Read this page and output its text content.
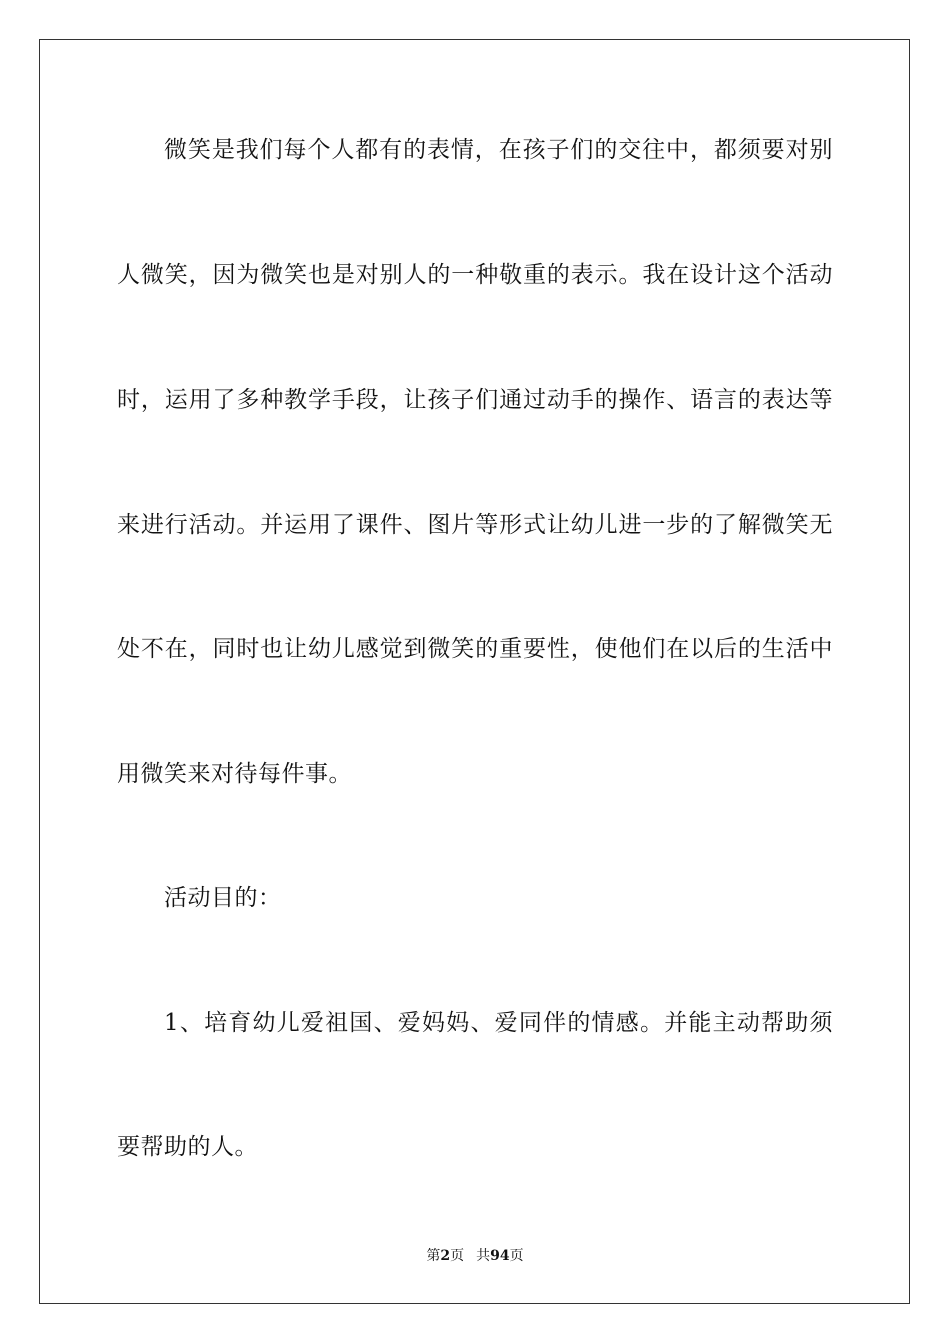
微笑是我们每个人都有的表情，在孩子们的交往中，都须要对别
人微笑，因为微笑也是对别人的一种敬重的表示。我在设计这个活动
时，运用了多种教学手段，让孩子们通过动手的操作、语言的表达等
来进行活动。并运用了课件、图片等形式让幼儿进一步的了解微笑无
处不在，同时也让幼儿感觉到微笑的重要性，使他们在以后的生活中
用微笑来对待每件事。
活动目的：
1、培育幼儿爱祖国、爱妈妈、爱同伴的情感。并能主动帮助须
要帮助的人。
第2页 共94页
